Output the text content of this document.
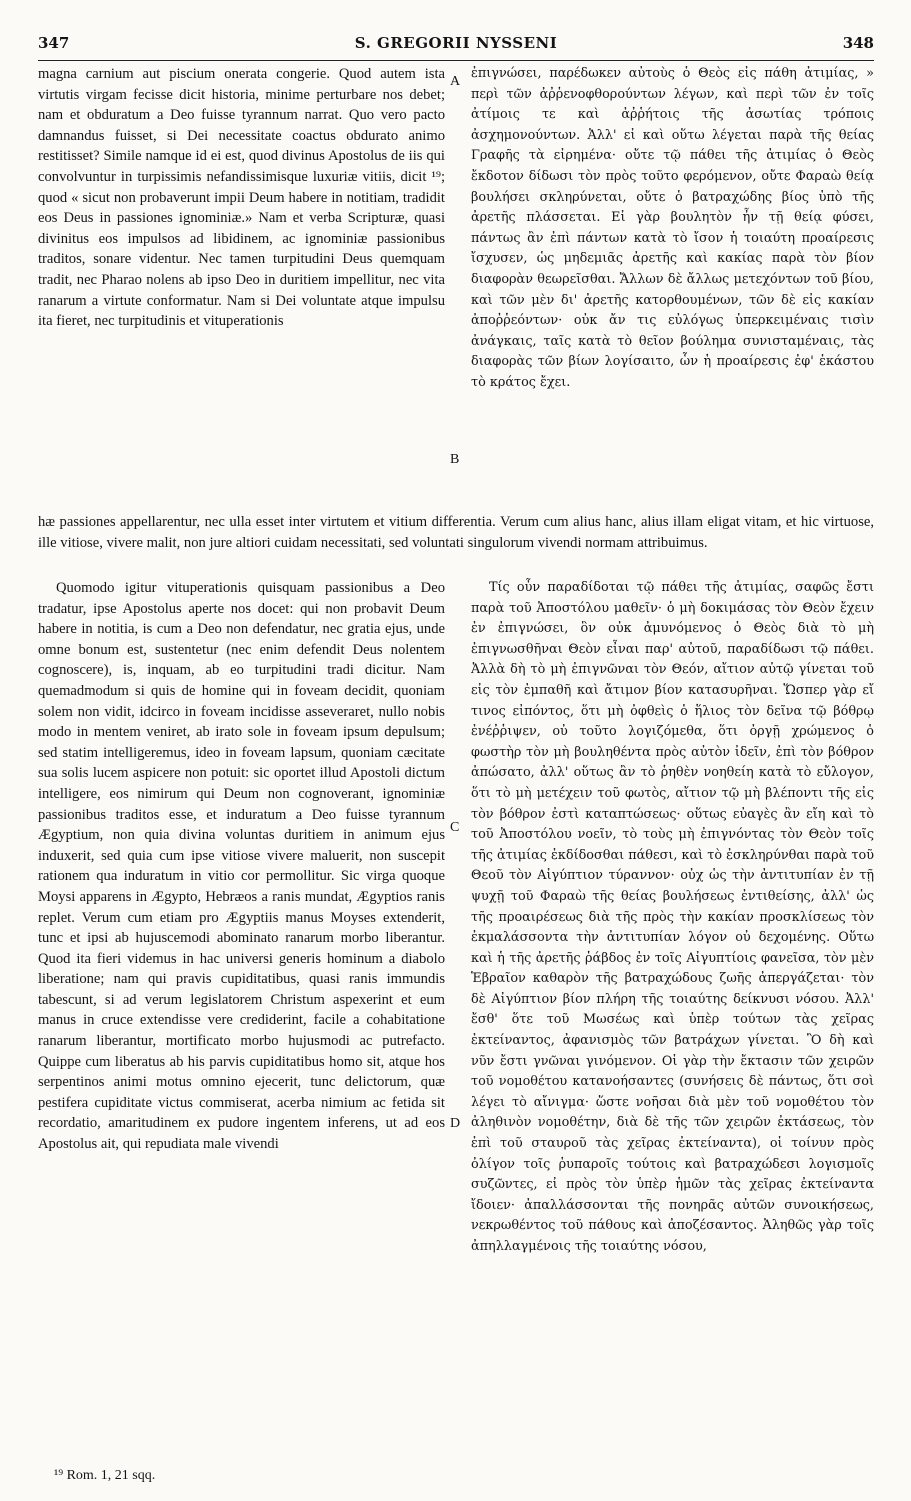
347	S. GREGORII NYSSENI	348

magna carnium aut piscium onerata congerie. Quod autem ista virtutis virgam fecisse dicit historia, minime perturbare nos debet; nam et obduratum a Deo fuisse tyrannum narrat. Quo vero pacto damnandus fuisset, si Dei necessitate coactus obdurato animo restitisset? Simile namque id ei est, quod divinus Apostolus de iis qui convolvuntur in turpissimis nefandissimisque luxuriæ vitiis, dicit ¹⁹; quod « sicut non probaverunt impii Deum habere in notitiam, tradidit eos Deus in passiones ignominiæ.» Nam et verba Scripturæ, quasi divinitus eos impulsos ad libidinem, ac ignominiæ passionibus traditos, sonare videntur. Nec tamen turpitudini Deus quemquam tradit, nec Pharao nolens ab ipso Deo in duritiem impellitur, nec vita ranarum a virtute conformatur. Nam si Dei voluntate atque impulsu ita fieret, nec turpitudinis et vituperationis

ἐπιγνώσει, παρέδωκεν αὐτοὺς ὁ Θεὸς εἰς πάθη ἀτιμίας, » περὶ τῶν ἀῤῥενοφθορούντων λέγων, καὶ περὶ τῶν ἐν τοῖς ἀτίμοις τε καὶ ἀῤῥήτοις τῆς ἀσωτίας τρόποις ἀσχημονούντων. Ἀλλ' εἰ καὶ οὕτω λέγεται παρὰ τῆς θείας Γραφῆς τὰ εἰρημένα· οὔτε τῷ πάθει τῆς ἀτιμίας ὁ Θεὸς ἔκδοτον δίδωσι τὸν πρὸς τοῦτο φερόμενον, οὔτε Φαραὼ θείᾳ βουλήσει σκληρύνεται, οὔτε ὁ βατραχώδης βίος ὑπὸ τῆς ἀρετῆς πλάσσεται. Εἰ γὰρ βουλητὸν ἦν τῇ θείᾳ φύσει, πάντως ἂν ἐπὶ πάντων κατὰ τὸ ἴσον ἡ τοιαύτη προαίρεσις ἴσχυσεν, ὡς μηδεμιᾶς ἀρετῆς καὶ κακίας παρὰ τὸν βίον διαφορὰν θεωρεῖσθαι. Ἄλλων δὲ ἄλλως μετεχόντων τοῦ βίου, καὶ τῶν μὲν δι' ἀρετῆς κατορθουμένων, τῶν δὲ εἰς κακίαν ἀποῤῥεόντων· οὐκ ἄν τις εὐλόγως ὑπερκειμέναις τισὶν ἀνάγκαις, ταῖς κατὰ τὸ θεῖον βούλημα συνισταμέναις, τὰς διαφορὰς τῶν βίων λογίσαιτο, ὧν ἡ προαίρεσις ἐφ' ἑκάστου τὸ κράτος ἔχει.

A
B
C
D

hæ passiones appellarentur, nec ulla esset inter virtutem et vitium differentia. Verum cum alius hanc, alius illam eligat vitam, et hic virtuose, ille vitiose, vivere malit, non jure altiori cuidam necessitati, sed voluntati singulorum vivendi normam attribuimus.

Quomodo igitur vituperationis quisquam passionibus a Deo tradatur, ipse Apostolus aperte nos docet: qui non probavit Deum habere in notitia, is cum a Deo non defendatur, nec gratia ejus, unde omne bonum est, sustentetur (nec enim defendit Deus nolentem cognoscere), is, inquam, ab eo turpitudini tradi dicitur. Nam quemadmodum si quis de homine qui in foveam decidit, quoniam solem non vidit, idcirco in foveam incidisse asseveraret, nullo nobis modo in mentem veniret, ab irato sole in foveam ipsum depulsum; sed statim intelligeremus, ideo in foveam lapsum, quoniam cæcitate sua solis lucem aspicere non potuit: sic oportet illud Apostoli dictum intelligere, eos nimirum qui Deum non cognoverant, ignominiæ passionibus traditos esse, et induratum a Deo fuisse tyrannum Ægyptium, non quia divina voluntas duritiem in animum ejus induxerit, sed quia cum ipse vitiose vivere maluerit, non suscepit rationem qua induratum in vitio cor permollitur. Sic virga quoque Moysi apparens in Ægypto, Hebræos a ranis mundat, Ægyptios ranis replet. Verum cum etiam pro Ægyptiis manus Moyses extenderit, tunc et ipsi ab hujuscemodi abominato ranarum morbo liberantur. Quod ita fieri videmus in hac universi generis hominum a diabolo liberatione; nam qui pravis cupiditatibus, quasi ranis immundis tabescunt, si ad verum legislatorem Christum aspexerint et eum manus in cruce extendisse vere crediderint, facile a cohabitatione ranarum liberantur, mortificato morbo hujusmodi ac putrefacto. Quippe cum liberatus ab his parvis cupiditatibus homo sit, atque hos serpentinos animi motus omnino ejecerit, tunc delictorum, quæ pestifera cupiditate victus commiserat, acerba nimium ac fetida sit recordatio, amaritudinem ex pudore ingentem inferens, ut ad eos Apostolus ait, qui repudiata male vivendi

Τίς οὖν παραδίδοται τῷ πάθει τῆς ἀτιμίας, σαφῶς ἔστι παρὰ τοῦ Ἀποστόλου μαθεῖν· ὁ μὴ δοκιμάσας τὸν Θεὸν ἔχειν ἐν ἐπιγνώσει, ὃν οὐκ ἀμυνόμενος ὁ Θεὸς διὰ τὸ μὴ ἐπιγνωσθῆναι Θεὸν εἶναι παρ' αὐτοῦ, παραδίδωσι τῷ πάθει. Ἀλλὰ δὴ τὸ μὴ ἐπιγνῶναι τὸν Θεόν, αἴτιον αὐτῷ γίνεται τοῦ εἰς τὸν ἐμπαθῆ καὶ ἄτιμον βίον κατασυρῆναι. Ὥσπερ γὰρ εἴ τινος εἰπόντος, ὅτι μὴ ὀφθεὶς ὁ ἥλιος τὸν δεῖνα τῷ βόθρῳ ἐνέῤῥιψεν, οὐ τοῦτο λογιζόμεθα, ὅτι ὀργῇ χρώμενος ὁ φωστὴρ τὸν μὴ βουληθέντα πρὸς αὐτὸν ἰδεῖν, ἐπὶ τὸν βόθρον ἀπώσατο, ἀλλ' οὕτως ἂν τὸ ῥηθὲν νοηθείη κατὰ τὸ εὔλογον, ὅτι τὸ μὴ μετέχειν τοῦ φωτὸς, αἴτιον τῷ μὴ βλέποντι τῆς εἰς τὸν βόθρον ἐστὶ καταπτώσεως· οὕτως εὐαγὲς ἂν εἴη καὶ τὸ τοῦ Ἀποστόλου νοεῖν, τὸ τοὺς μὴ ἐπιγνόντας τὸν Θεὸν τοῖς τῆς ἀτιμίας ἐκδίδοσθαι πάθεσι, καὶ τὸ ἐσκληρύνθαι παρὰ τοῦ Θεοῦ τὸν Αἰγύπτιον τύραννον· οὐχ ὡς τὴν ἀντιτυπίαν ἐν τῇ ψυχῇ τοῦ Φαραὼ τῆς θείας βουλήσεως ἐντιθείσης, ἀλλ' ὡς τῆς προαιρέσεως διὰ τῆς πρὸς τὴν κακίαν προσκλίσεως τὸν ἐκμαλάσσοντα τὴν ἀντιτυπίαν λόγον οὐ δεχομένης. Οὕτω καὶ ἡ τῆς ἀρετῆς ῥάβδος ἐν τοῖς Αἰγυπτίοις φανεῖσα, τὸν μὲν Ἑβραῖον καθαρὸν τῆς βατραχώδους ζωῆς ἀπεργάζεται· τὸν δὲ Αἰγύπτιον βίον πλήρη τῆς τοιαύτης δείκνυσι νόσου. Ἀλλ' ἔσθ' ὅτε τοῦ Μωσέως καὶ ὑπὲρ τούτων τὰς χεῖρας ἐκτείναντος, ἀφανισμὸς τῶν βατράχων γίνεται. Ὃ δὴ καὶ νῦν ἔστι γνῶναι γινόμενον. Οἱ γὰρ τὴν ἔκτασιν τῶν χειρῶν τοῦ νομοθέτου κατανοήσαντες (συνήσεις δὲ πάντως, ὅτι σοὶ λέγει τὸ αἴνιγμα· ὥστε νοῆσαι διὰ μὲν τοῦ νομοθέτου τὸν ἀληθινὸν νομοθέτην, διὰ δὲ τῆς τῶν χειρῶν ἐκτάσεως, τὸν ἐπὶ τοῦ σταυροῦ τὰς χεῖρας ἐκτείναντα), οἱ τοίνυν πρὸς ὀλίγον τοῖς ῥυπαροῖς τούτοις καὶ βατραχώδεσι λογισμοῖς συζῶντες, εἰ πρὸς τὸν ὑπὲρ ἡμῶν τὰς χεῖρας ἐκτείναντα ἴδοιεν· ἀπαλλάσσονται τῆς πονηρᾶς αὐτῶν συνοικήσεως, νεκρωθέντος τοῦ πάθους καὶ ἀποζέσαντος. Ἀληθῶς γὰρ τοῖς ἀπηλλαγμένοις τῆς τοιαύτης νόσου,

¹⁹ Rom. 1, 21 sqq.
